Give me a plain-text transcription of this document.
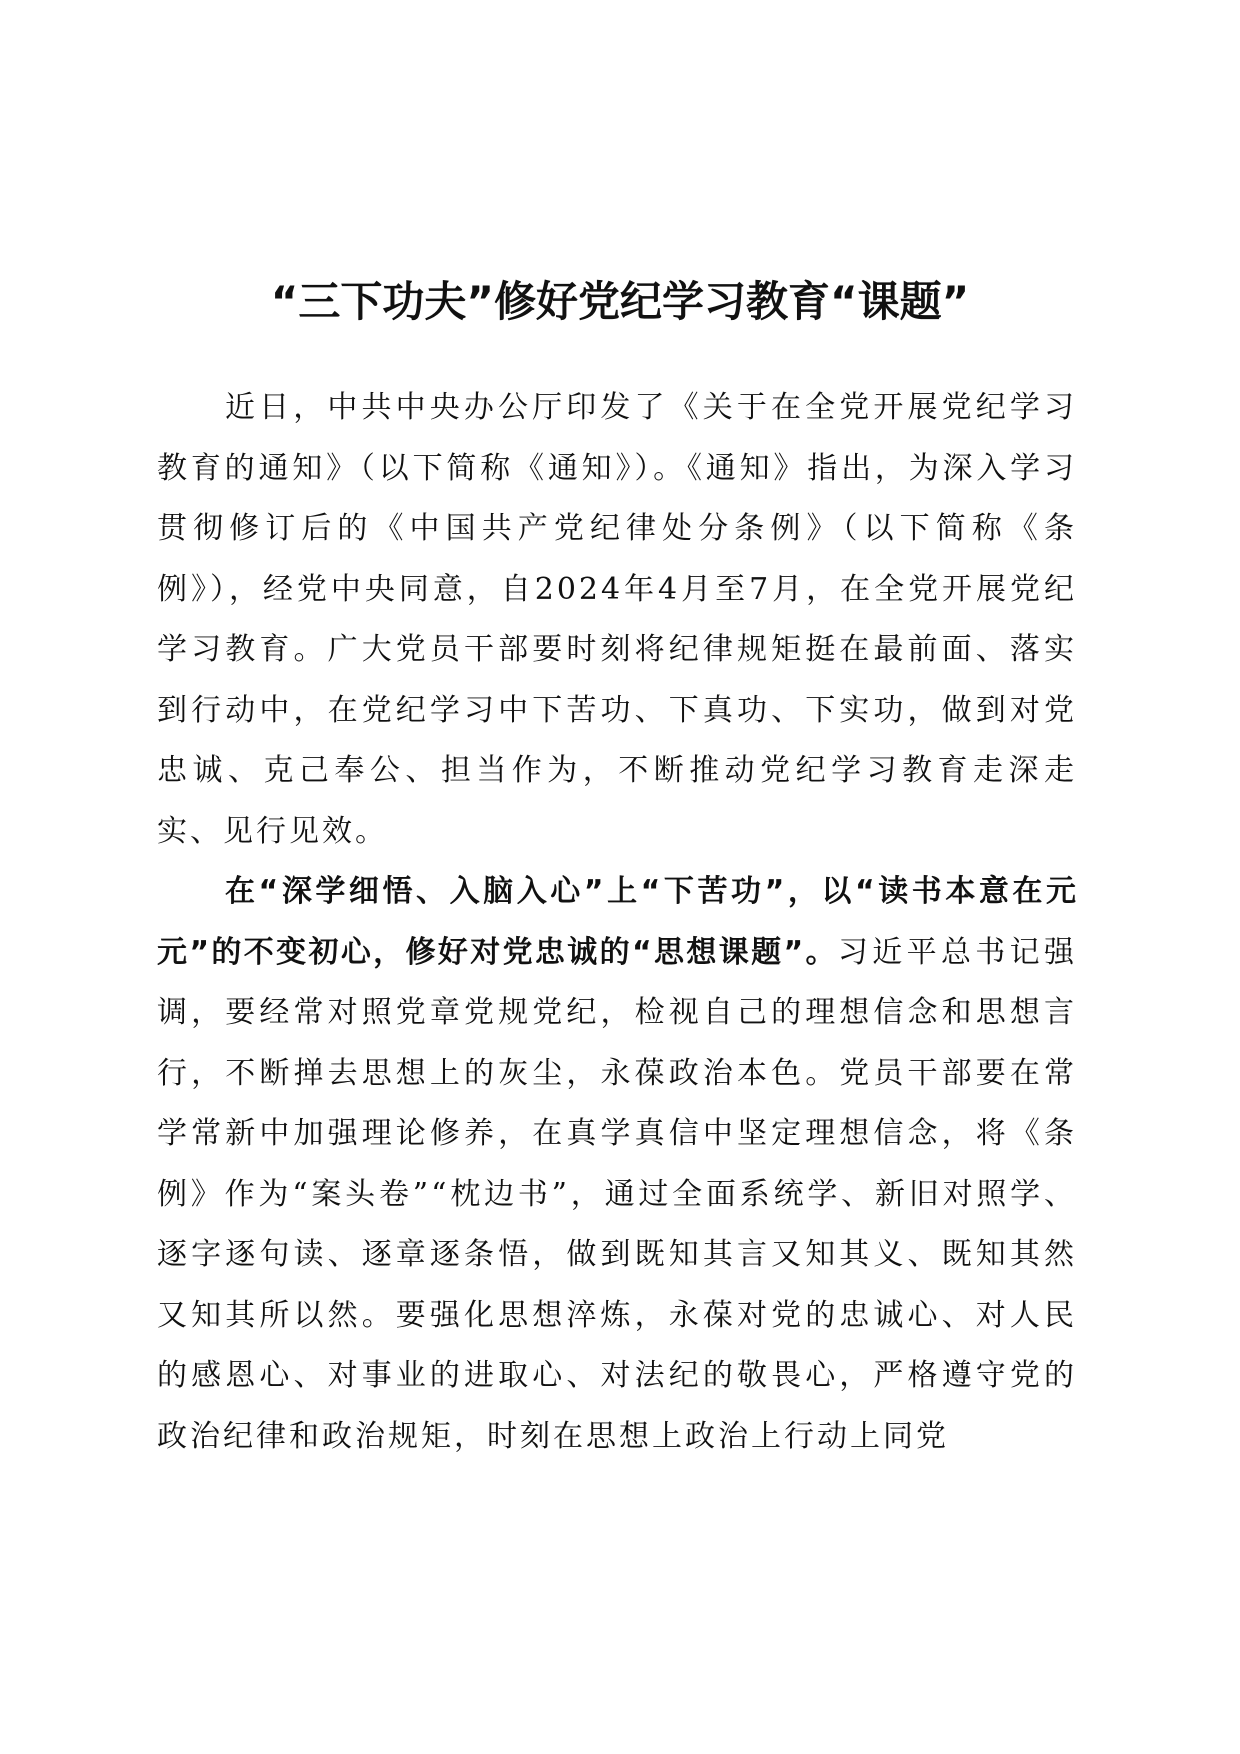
“三下功夫”修好党纪学习教育“课题”

近日，中共中央办公厅印发了《关于在全党开展党纪学习教育的通知》（以下简称《通知》）。《通知》指出，为深入学习贯彻修订后的《中国共产党纪律处分条例》（以下简称《条例》），经党中央同意，自2024年4月至7月，在全党开展党纪学习教育。广大党员干部要时刻将纪律规矩挺在最前面、落实到行动中，在党纪学习中下苦功、下真功、下实功，做到对党忠诚、克己奉公、担当作为，不断推动党纪学习教育走深走实、见行见效。

在“深学细悟、入脑入心”上“下苦功”，以“读书本意在元元”的不变初心，修好对党忠诚的“思想课题”。习近平总书记强调，要经常对照党章党规党纪，检视自己的理想信念和思想言行，不断掸去思想上的灰尘，永葆政治本色。党员干部要在常学常新中加强理论修养，在真学真信中坚定理想信念，将《条例》作为“案头卷”“枕边书”，通过全面系统学、新旧对照学、逐字逐句读、逐章逐条悟，做到既知其言又知其义、既知其然又知其所以然。要强化思想淬炼，永葆对党的忠诚心、对人民的感恩心、对事业的进取心、对法纪的敬畏心，严格遵守党的政治纪律和政治规矩，时刻在思想上政治上行动上同党
